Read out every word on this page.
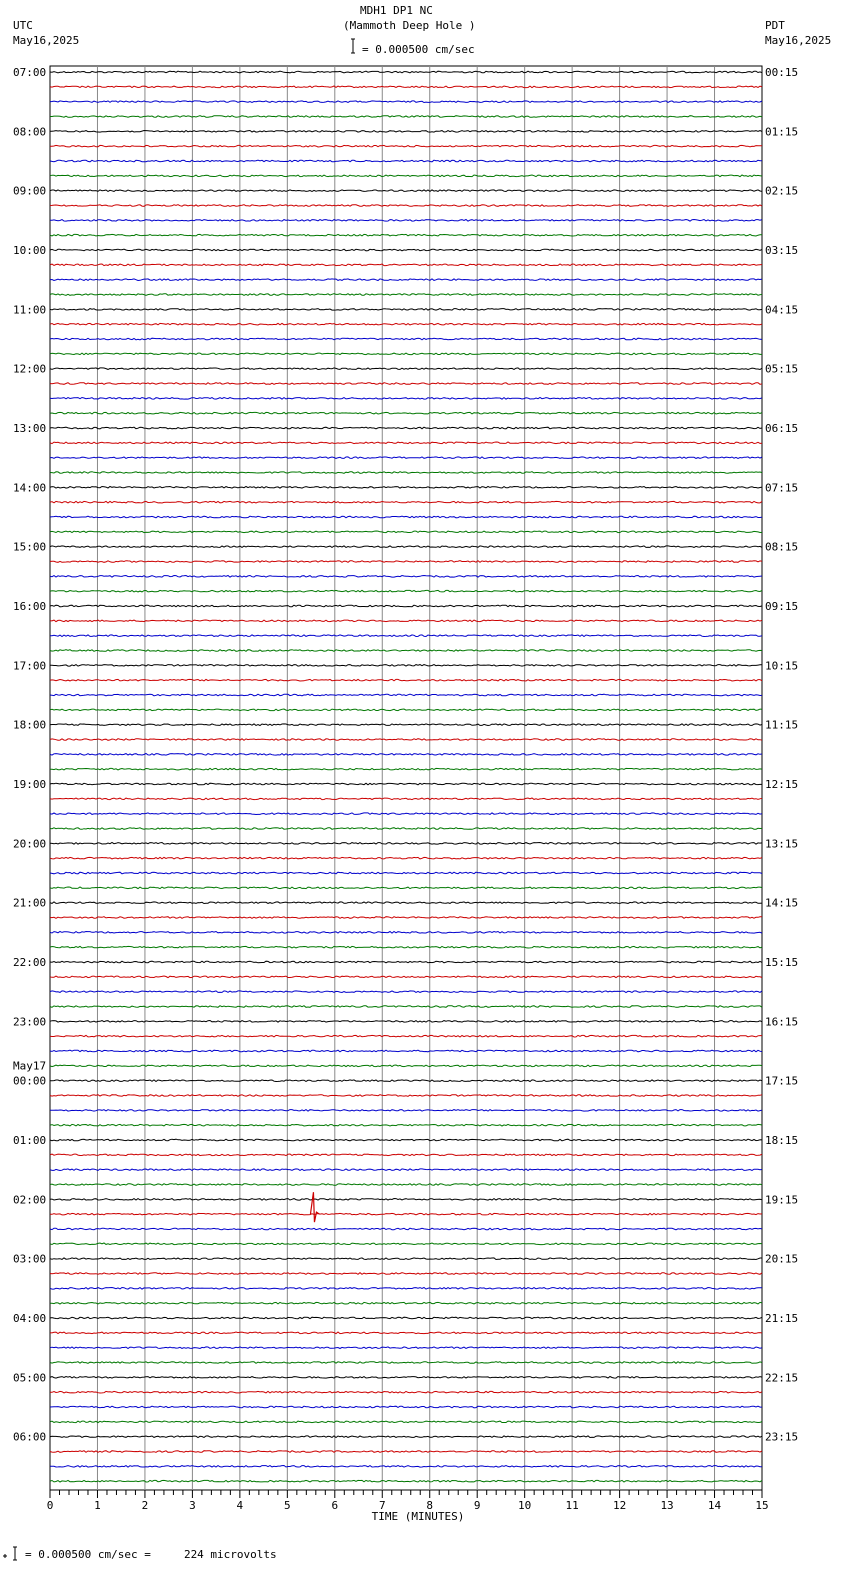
UTC
May16,2025
MDH1 DP1 NC
(Mammoth Deep Hole )
= 0.000500 cm/sec
PDT
May16,2025
= 0.000500 cm/sec =     224 microvolts
07:00
08:00
09:00
10:00
11:00
12:00
13:00
14:00
15:00
16:00
17:00
18:00
19:00
20:00
21:00
22:00
23:00
00:00
01:00
02:00
03:00
04:00
05:00
06:00
00:15
01:15
02:15
03:15
04:15
05:15
06:15
07:15
08:15
09:15
10:15
11:15
12:15
13:15
14:15
15:15
16:15
17:15
18:15
19:15
20:15
21:15
22:15
23:15
May17
0	1	2	3	4	5	6	7	8	9	10	11	12	13	14	15
TIME (MINUTES)
